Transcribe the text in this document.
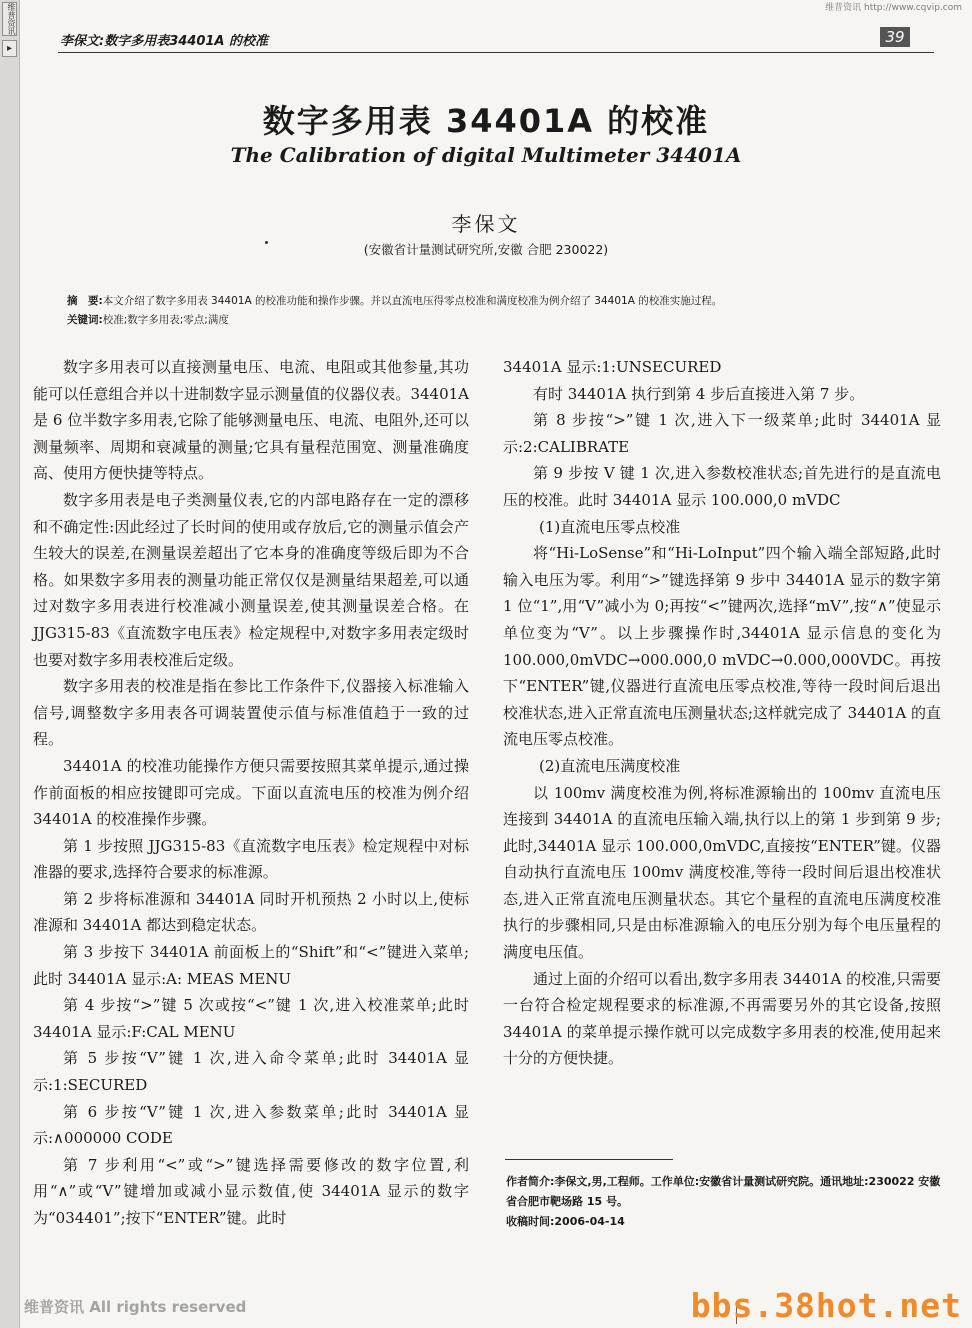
维普资讯
▸
维普资讯 http://www.cqvip.com
李保文:数字多用表34401A 的校准	39
数字多用表 34401A 的校准
The Calibration of digital Multimeter 34401A
李保文
(安徽省计量测试研究所,安徽 合肥 230022)
摘　要:本文介绍了数字多用表 34401A 的校准功能和操作步骤。并以直流电压得零点校准和满度校准为例介绍了 34401A 的校准实施过程。
关键词:校准;数字多用表;零点;满度

数字多用表可以直接测量电压、电流、电阻或其他参量,其功能可以任意组合并以十进制数字显示测量值的仪器仪表。34401A 是 6 位半数字多用表,它除了能够测量电压、电流、电阻外,还可以测量频率、周期和衰减量的测量;它具有量程范围宽、测量准确度高、使用方便快捷等特点。

数字多用表是电子类测量仪表,它的内部电路存在一定的漂移和不确定性:因此经过了长时间的使用或存放后,它的测量示值会产生较大的误差,在测量误差超出了它本身的准确度等级后即为不合格。如果数字多用表的测量功能正常仅仅是测量结果超差,可以通过对数字多用表进行校准减小测量误差,使其测量误差合格。在 JJG315-83《直流数字电压表》检定规程中,对数字多用表定级时也要对数字多用表校准后定级。

数字多用表的校准是指在参比工作条件下,仪器接入标准输入信号,调整数字多用表各可调装置使示值与标准值趋于一致的过程。

34401A 的校准功能操作方便只需要按照其菜单提示,通过操作前面板的相应按键即可完成。下面以直流电压的校准为例介绍 34401A 的校准操作步骤。

第 1 步按照 JJG315-83《直流数字电压表》检定规程中对标准器的要求,选择符合要求的标准源。

第 2 步将标准源和 34401A 同时开机预热 2 小时以上,使标准源和 34401A 都达到稳定状态。

第 3 步按下 34401A 前面板上的“Shift”和“<”键进入菜单;此时 34401A 显示:A: MEAS MENU

第 4 步按“>”键 5 次或按“<”键 1 次,进入校准菜单;此时 34401A 显示:F:CAL MENU

第 5 步按“V”键 1 次,进入命令菜单;此时 34401A 显示:1:SECURED

第 6 步按“V”键 1 次,进入参数菜单;此时 34401A 显示:∧000000 CODE

第 7 步利用“<”或“>”键选择需要修改的数字位置,利用“∧”或“V”键增加或减小显示数值,使 34401A 显示的数字为“034401”;按下“ENTER”键。此时

34401A 显示:1:UNSECURED

有时 34401A 执行到第 4 步后直接进入第 7 步。

第 8 步按“>”键 1 次,进入下一级菜单;此时 34401A 显示:2:CALIBRATE

第 9 步按 V 键 1 次,进入参数校准状态;首先进行的是直流电压的校准。此时 34401A 显示 100.000,0 mVDC

(1)直流电压零点校准

将“Hi-LoSense”和“Hi-LoInput”四个输入端全部短路,此时输入电压为零。利用“>”键选择第 9 步中 34401A 显示的数字第 1 位“1”,用“V”减小为 0;再按“<”键两次,选择“mV”,按“∧”使显示单位变为“V”。以上步骤操作时,34401A 显示信息的变化为 100.000,0mVDC→000.000,0 mVDC→0.000,000VDC。再按下“ENTER”键,仪器进行直流电压零点校准,等待一段时间后退出校准状态,进入正常直流电压测量状态;这样就完成了 34401A 的直流电压零点校准。

(2)直流电压满度校准

以 100mv 满度校准为例,将标准源输出的 100mv 直流电压连接到 34401A 的直流电压输入端,执行以上的第 1 步到第 9 步;此时,34401A 显示 100.000,0mVDC,直接按“ENTER”键。仪器自动执行直流电压 100mv 满度校准,等待一段时间后退出校准状态,进入正常直流电压测量状态。其它个量程的直流电压满度校准执行的步骤相同,只是由标准源输入的电压分别为每个电压量程的满度电压值。

通过上面的介绍可以看出,数字多用表 34401A 的校准,只需要一台符合检定规程要求的标准源,不再需要另外的其它设备,按照 34401A 的菜单提示操作就可以完成数字多用表的校准,使用起来十分的方便快捷。

作者简介:李保文,男,工程师。工作单位:安徽省计量测试研究院。通讯地址:230022 安徽省合肥市靶场路 15 号。
收稿时间:2006-04-14
维普资讯 All rights reserved	bbs.38hot.net
